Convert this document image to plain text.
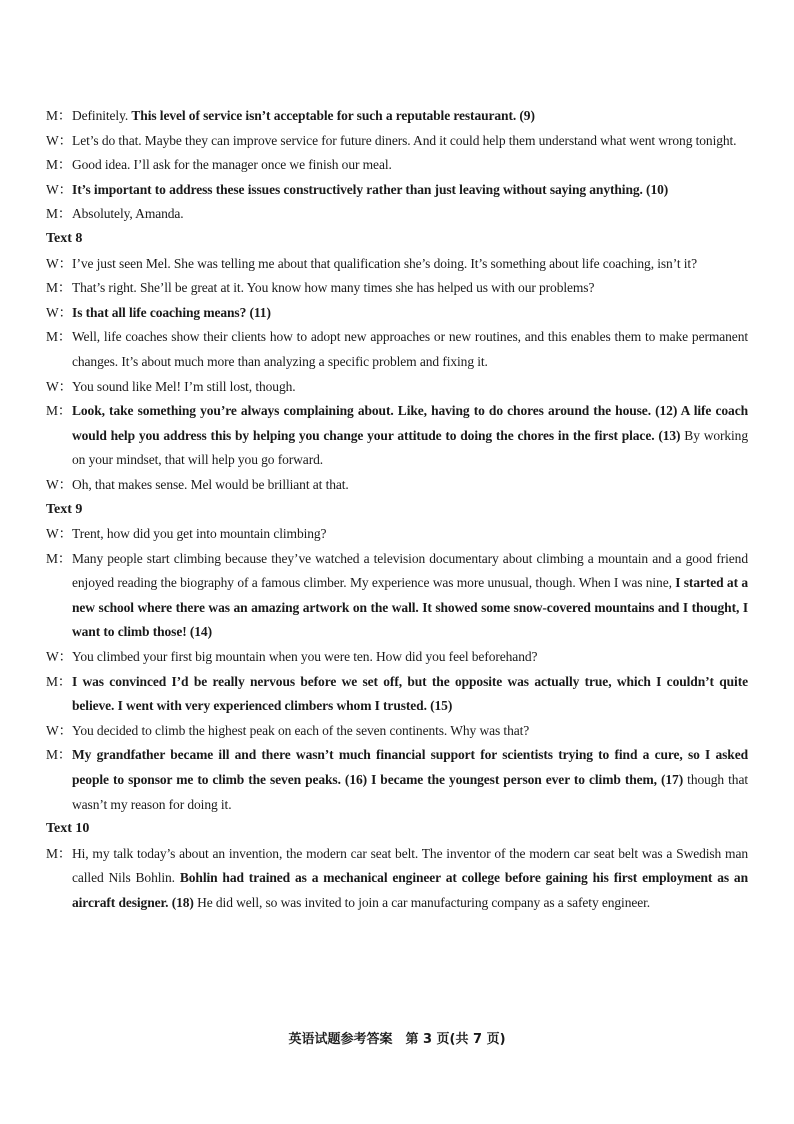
M： Definitely. This level of service isn’t acceptable for such a reputable restaurant. (9)
W： Let’s do that. Maybe they can improve service for future diners. And it could help them understand what went wrong tonight.
M： Good idea. I’ll ask for the manager once we finish our meal.
W： It’s important to address these issues constructively rather than just leaving without saying anything. (10)
M： Absolutely, Amanda.
Text 8
W： I’ve just seen Mel. She was telling me about that qualification she’s doing. It’s something about life coaching, isn’t it?
M： That’s right. She’ll be great at it. You know how many times she has helped us with our problems?
W： Is that all life coaching means? (11)
M： Well, life coaches show their clients how to adopt new approaches or new routines, and this enables them to make permanent changes. It’s about much more than analyzing a specific problem and fixing it.
W： You sound like Mel! I’m still lost, though.
M： Look, take something you’re always complaining about. Like, having to do chores around the house. (12) A life coach would help you address this by helping you change your attitude to doing the chores in the first place. (13) By working on your mindset, that will help you go forward.
W： Oh, that makes sense. Mel would be brilliant at that.
Text 9
W： Trent, how did you get into mountain climbing?
M： Many people start climbing because they’ve watched a television documentary about climbing a mountain and a good friend enjoyed reading the biography of a famous climber. My experience was more unusual, though. When I was nine, I started at a new school where there was an amazing artwork on the wall. It showed some snow-covered mountains and I thought, I want to climb those! (14)
W： You climbed your first big mountain when you were ten. How did you feel beforehand?
M： I was convinced I’d be really nervous before we set off, but the opposite was actually true, which I couldn’t quite believe. I went with very experienced climbers whom I trusted. (15)
W： You decided to climb the highest peak on each of the seven continents. Why was that?
M： My grandfather became ill and there wasn’t much financial support for scientists trying to find a cure, so I asked people to sponsor me to climb the seven peaks. (16) I became the youngest person ever to climb them, (17) though that wasn’t my reason for doing it.
Text 10
M： Hi, my talk today’s about an invention, the modern car seat belt. The inventor of the modern car seat belt was a Swedish man called Nils Bohlin. Bohlin had trained as a mechanical engineer at college before gaining his first employment as an aircraft designer. (18) He did well, so was invited to join a car manufacturing company as a safety engineer.
英语试题参考答案　第 3 页(共 7 页)
